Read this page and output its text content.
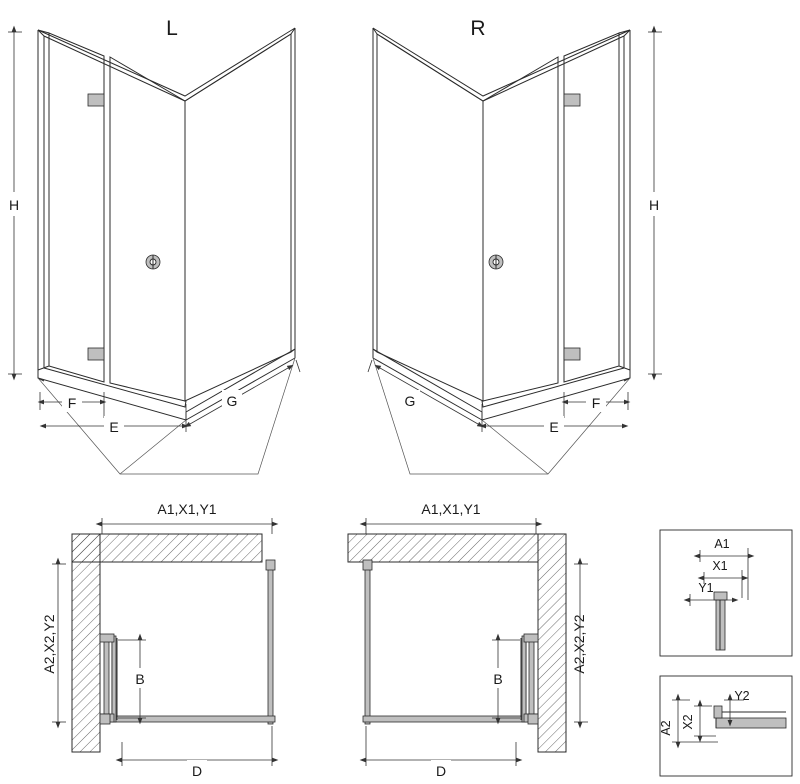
L
H
F
E
G
R
H
F
E
G
B
A1,X1,Y1
A2,X2,Y2
D
B
A1,X1,Y1
A2,X2,Y2
D
A1
X1
Y1
A2 X2
Y2
